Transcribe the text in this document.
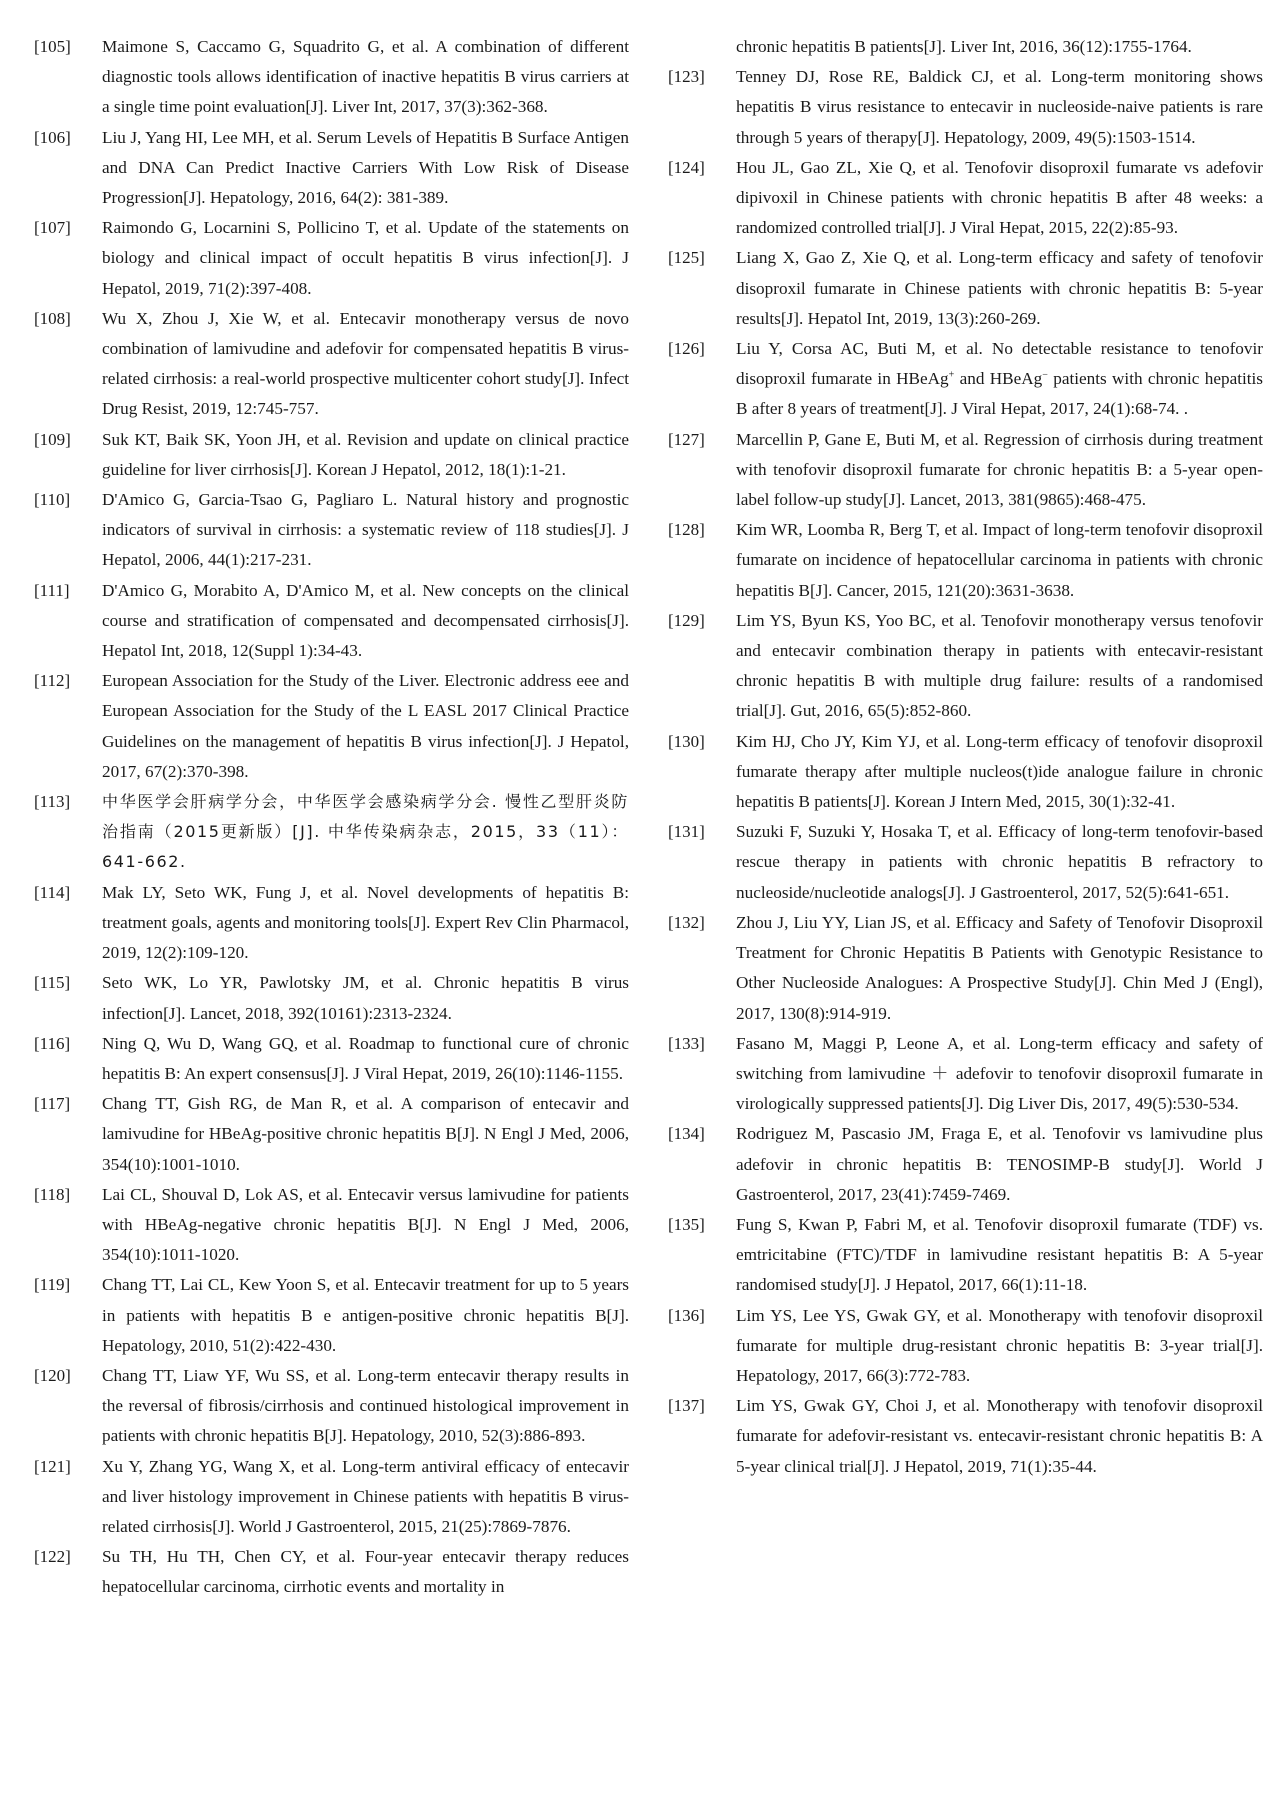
[105]	Maimone S, Caccamo G, Squadrito G, et al. A combination of different diagnostic tools allows identification of inactive hepatitis B virus carriers at a single time point evaluation[J]. Liver Int, 2017, 37(3):362-368.
[106]	Liu J, Yang HI, Lee MH, et al. Serum Levels of Hepatitis B Surface Antigen and DNA Can Predict Inactive Carriers With Low Risk of Disease Progression[J]. Hepatology, 2016, 64(2): 381-389.
[107]	Raimondo G, Locarnini S, Pollicino T, et al. Update of the statements on biology and clinical impact of occult hepatitis B virus infection[J]. J Hepatol, 2019, 71(2):397-408.
[108]	Wu X, Zhou J, Xie W, et al. Entecavir monotherapy versus de novo combination of lamivudine and adefovir for compensated hepatitis B virus-related cirrhosis: a real-world prospective multicenter cohort study[J]. Infect Drug Resist, 2019, 12:745-757.
[109]	Suk KT, Baik SK, Yoon JH, et al. Revision and update on clinical practice guideline for liver cirrhosis[J]. Korean J Hepatol, 2012, 18(1):1-21.
[110]	D'Amico G, Garcia-Tsao G, Pagliaro L. Natural history and prognostic indicators of survival in cirrhosis: a systematic review of 118 studies[J]. J Hepatol, 2006, 44(1):217-231.
[111]	D'Amico G, Morabito A, D'Amico M, et al. New concepts on the clinical course and stratification of compensated and decompensated cirrhosis[J]. Hepatol Int, 2018, 12(Suppl 1):34-43.
[112]	European Association for the Study of the Liver. Electronic address eee and European Association for the Study of the L EASL 2017 Clinical Practice Guidelines on the management of hepatitis B virus infection[J]. J Hepatol, 2017, 67(2):370-398.
[113]	中华医学会肝病学分会，中华医学会感染病学分会. 慢性乙型肝炎防治指南（2015更新版）[J]. 中华传染病杂志，2015，33（11）：641-662.
[114]	Mak LY, Seto WK, Fung J, et al. Novel developments of hepatitis B: treatment goals, agents and monitoring tools[J]. Expert Rev Clin Pharmacol, 2019, 12(2):109-120.
[115]	Seto WK, Lo YR, Pawlotsky JM, et al. Chronic hepatitis B virus infection[J]. Lancet, 2018, 392(10161):2313-2324.
[116]	Ning Q, Wu D, Wang GQ, et al. Roadmap to functional cure of chronic hepatitis B: An expert consensus[J]. J Viral Hepat, 2019, 26(10):1146-1155.
[117]	Chang TT, Gish RG, de Man R, et al. A comparison of entecavir and lamivudine for HBeAg-positive chronic hepatitis B[J]. N Engl J Med, 2006, 354(10):1001-1010.
[118]	Lai CL, Shouval D, Lok AS, et al. Entecavir versus lamivudine for patients with HBeAg-negative chronic hepatitis B[J]. N Engl J Med, 2006, 354(10):1011-1020.
[119]	Chang TT, Lai CL, Kew Yoon S, et al. Entecavir treatment for up to 5 years in patients with hepatitis B e antigen-positive chronic hepatitis B[J]. Hepatology, 2010, 51(2):422-430.
[120]	Chang TT, Liaw YF, Wu SS, et al. Long-term entecavir therapy results in the reversal of fibrosis/cirrhosis and continued histological improvement in patients with chronic hepatitis B[J]. Hepatology, 2010, 52(3):886-893.
[121]	Xu Y, Zhang YG, Wang X, et al. Long-term antiviral efficacy of entecavir and liver histology improvement in Chinese patients with hepatitis B virus-related cirrhosis[J]. World J Gastroenterol, 2015, 21(25):7869-7876.
[122]	Su TH, Hu TH, Chen CY, et al. Four-year entecavir therapy reduces hepatocellular carcinoma, cirrhotic events and mortality in
chronic hepatitis B patients[J]. Liver Int, 2016, 36(12):1755-1764.
[123]	Tenney DJ, Rose RE, Baldick CJ, et al. Long-term monitoring shows hepatitis B virus resistance to entecavir in nucleoside-naive patients is rare through 5 years of therapy[J]. Hepatology, 2009, 49(5):1503-1514.
[124]	Hou JL, Gao ZL, Xie Q, et al. Tenofovir disoproxil fumarate vs adefovir dipivoxil in Chinese patients with chronic hepatitis B after 48 weeks: a randomized controlled trial[J]. J Viral Hepat, 2015, 22(2):85-93.
[125]	Liang X, Gao Z, Xie Q, et al. Long-term efficacy and safety of tenofovir disoproxil fumarate in Chinese patients with chronic hepatitis B: 5-year results[J]. Hepatol Int, 2019, 13(3):260-269.
[126]	Liu Y, Corsa AC, Buti M, et al. No detectable resistance to tenofovir disoproxil fumarate in HBeAg+ and HBeAg− patients with chronic hepatitis B after 8 years of treatment[J]. J Viral Hepat, 2017, 24(1):68-74. .
[127]	Marcellin P, Gane E, Buti M, et al. Regression of cirrhosis during treatment with tenofovir disoproxil fumarate for chronic hepatitis B: a 5-year open-label follow-up study[J]. Lancet, 2013, 381(9865):468-475.
[128]	Kim WR, Loomba R, Berg T, et al. Impact of long-term tenofovir disoproxil fumarate on incidence of hepatocellular carcinoma in patients with chronic hepatitis B[J]. Cancer, 2015, 121(20):3631-3638.
[129]	Lim YS, Byun KS, Yoo BC, et al. Tenofovir monotherapy versus tenofovir and entecavir combination therapy in patients with entecavir-resistant chronic hepatitis B with multiple drug failure: results of a randomised trial[J]. Gut, 2016, 65(5):852-860.
[130]	Kim HJ, Cho JY, Kim YJ, et al. Long-term efficacy of tenofovir disoproxil fumarate therapy after multiple nucleos(t)ide analogue failure in chronic hepatitis B patients[J]. Korean J Intern Med, 2015, 30(1):32-41.
[131]	Suzuki F, Suzuki Y, Hosaka T, et al. Efficacy of long-term tenofovir-based rescue therapy in patients with chronic hepatitis B refractory to nucleoside/nucleotide analogs[J]. J Gastroenterol, 2017, 52(5):641-651.
[132]	Zhou J, Liu YY, Lian JS, et al. Efficacy and Safety of Tenofovir Disoproxil Treatment for Chronic Hepatitis B Patients with Genotypic Resistance to Other Nucleoside Analogues: A Prospective Study[J]. Chin Med J (Engl), 2017, 130(8):914-919.
[133]	Fasano M, Maggi P, Leone A, et al. Long-term efficacy and safety of switching from lamivudine ＋ adefovir to tenofovir disoproxil fumarate in virologically suppressed patients[J]. Dig Liver Dis, 2017, 49(5):530-534.
[134]	Rodriguez M, Pascasio JM, Fraga E, et al. Tenofovir vs lamivudine plus adefovir in chronic hepatitis B: TENOSIMP-B study[J]. World J Gastroenterol, 2017, 23(41):7459-7469.
[135]	Fung S, Kwan P, Fabri M, et al. Tenofovir disoproxil fumarate (TDF) vs. emtricitabine (FTC)/TDF in lamivudine resistant hepatitis B: A 5-year randomised study[J]. J Hepatol, 2017, 66(1):11-18.
[136]	Lim YS, Lee YS, Gwak GY, et al. Monotherapy with tenofovir disoproxil fumarate for multiple drug-resistant chronic hepatitis B: 3-year trial[J]. Hepatology, 2017, 66(3):772-783.
[137]	Lim YS, Gwak GY, Choi J, et al. Monotherapy with tenofovir disoproxil fumarate for adefovir-resistant vs. entecavir-resistant chronic hepatitis B: A 5-year clinical trial[J]. J Hepatol, 2019, 71(1):35-44.
